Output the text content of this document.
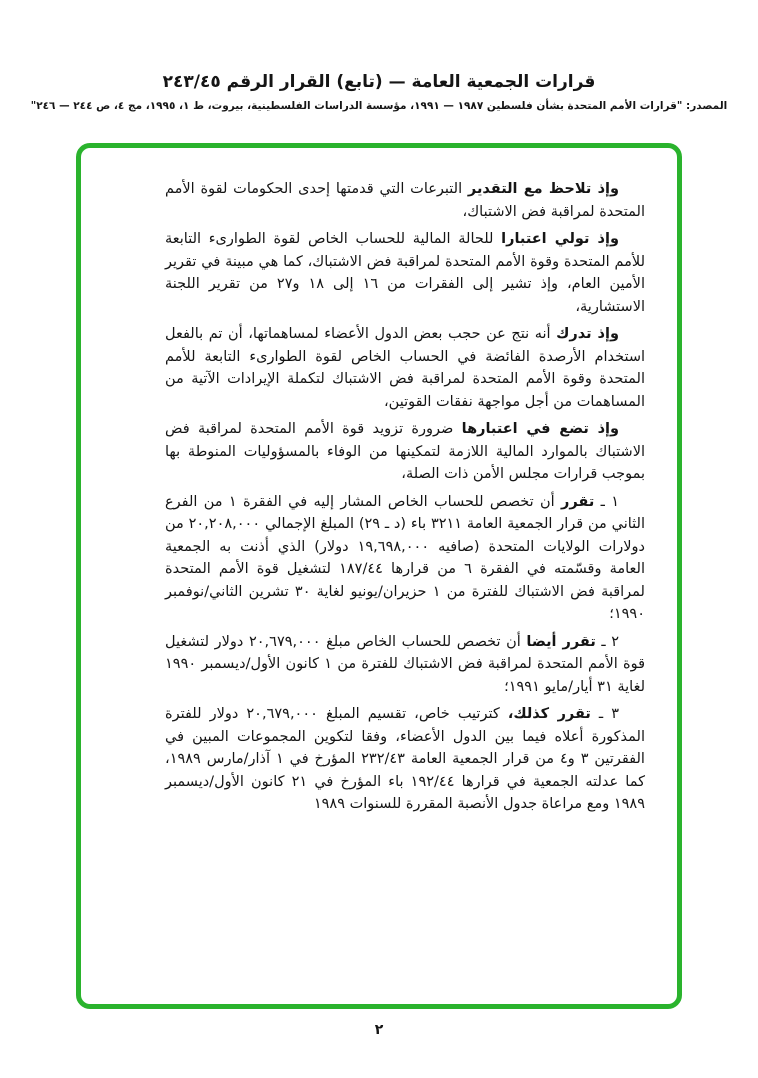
قرارات الجمعية العامة — (تابع) القرار الرقم ٢٤٣/٤٥
المصدر: "قرارات الأمم المتحدة بشأن فلسطين ١٩٨٧ — ١٩٩١، مؤسسة الدراسات الفلسطينية، بيروت، ط ١، ١٩٩٥، مج ٤، ص ٢٤٤ — ٢٤٦"

وإذ تلاحظ مع التقدير التبرعات التي قدمتها إحدى الحكومات لقوة الأمم المتحدة لمراقبة فض الاشتباك،

وإذ تولي اعتبارا للحالة المالية للحساب الخاص لقوة الطوارىء التابعة للأمم المتحدة وقوة الأمم المتحدة لمراقبة فض الاشتباك، كما هي مبينة في تقرير الأمين العام، وإذ تشير إلى الفقرات من ١٦ إلى ١٨ و٢٧ من تقرير اللجنة الاستشارية،

وإذ تدرك أنه نتج عن حجب بعض الدول الأعضاء لمساهماتها، أن تم بالفعل استخدام الأرصدة الفائضة في الحساب الخاص لقوة الطوارىء التابعة للأمم المتحدة وقوة الأمم المتحدة لمراقبة فض الاشتباك لتكملة الإيرادات الآتية من المساهمات من أجل مواجهة نفقات القوتين،

وإذ تضع في اعتبارها ضرورة تزويد قوة الأمم المتحدة لمراقبة فض الاشتباك بالموارد المالية اللازمة لتمكينها من الوفاء بالمسؤوليات المنوطة بها بموجب قرارات مجلس الأمن ذات الصلة،

١ ـ تقرر أن تخصص للحساب الخاص المشار إليه في الفقرة ١ من الفرع الثاني من قرار الجمعية العامة ٣٢١١ باء (د ـ ٢٩) المبلغ الإجمالي ٢٠,٢٠٨,٠٠٠ من دولارات الولايات المتحدة (صافيه ١٩,٦٩٨,٠٠٠ دولار) الذي أذنت به الجمعية العامة وقسّمته في الفقرة ٦ من قرارها ١٨٧/٤٤ لتشغيل قوة الأمم المتحدة لمراقبة فض الاشتباك للفترة من ١ حزيران/يونيو لغاية ٣٠ تشرين الثاني/نوفمبر ١٩٩٠؛

٢ ـ تقرر أيضا أن تخصص للحساب الخاص مبلغ ٢٠,٦٧٩,٠٠٠ دولار لتشغيل قوة الأمم المتحدة لمراقبة فض الاشتباك للفترة من ١ كانون الأول/ديسمبر ١٩٩٠ لغاية ٣١ أيار/مايو ١٩٩١؛

٣ ـ تقرر كذلك، كترتيب خاص، تقسيم المبلغ ٢٠,٦٧٩,٠٠٠ دولار للفترة المذكورة أعلاه فيما بين الدول الأعضاء، وفقا لتكوين المجموعات المبين في الفقرتين ٣ و٤ من قرار الجمعية العامة ٢٣٢/٤٣ المؤرخ في ١ آذار/مارس ١٩٨٩، كما عدلته الجمعية في قرارها ١٩٢/٤٤ باء المؤرخ في ٢١ كانون الأول/ديسمبر ١٩٨٩ ومع مراعاة جدول الأنصبة المقررة للسنوات ١٩٨٩

٢
